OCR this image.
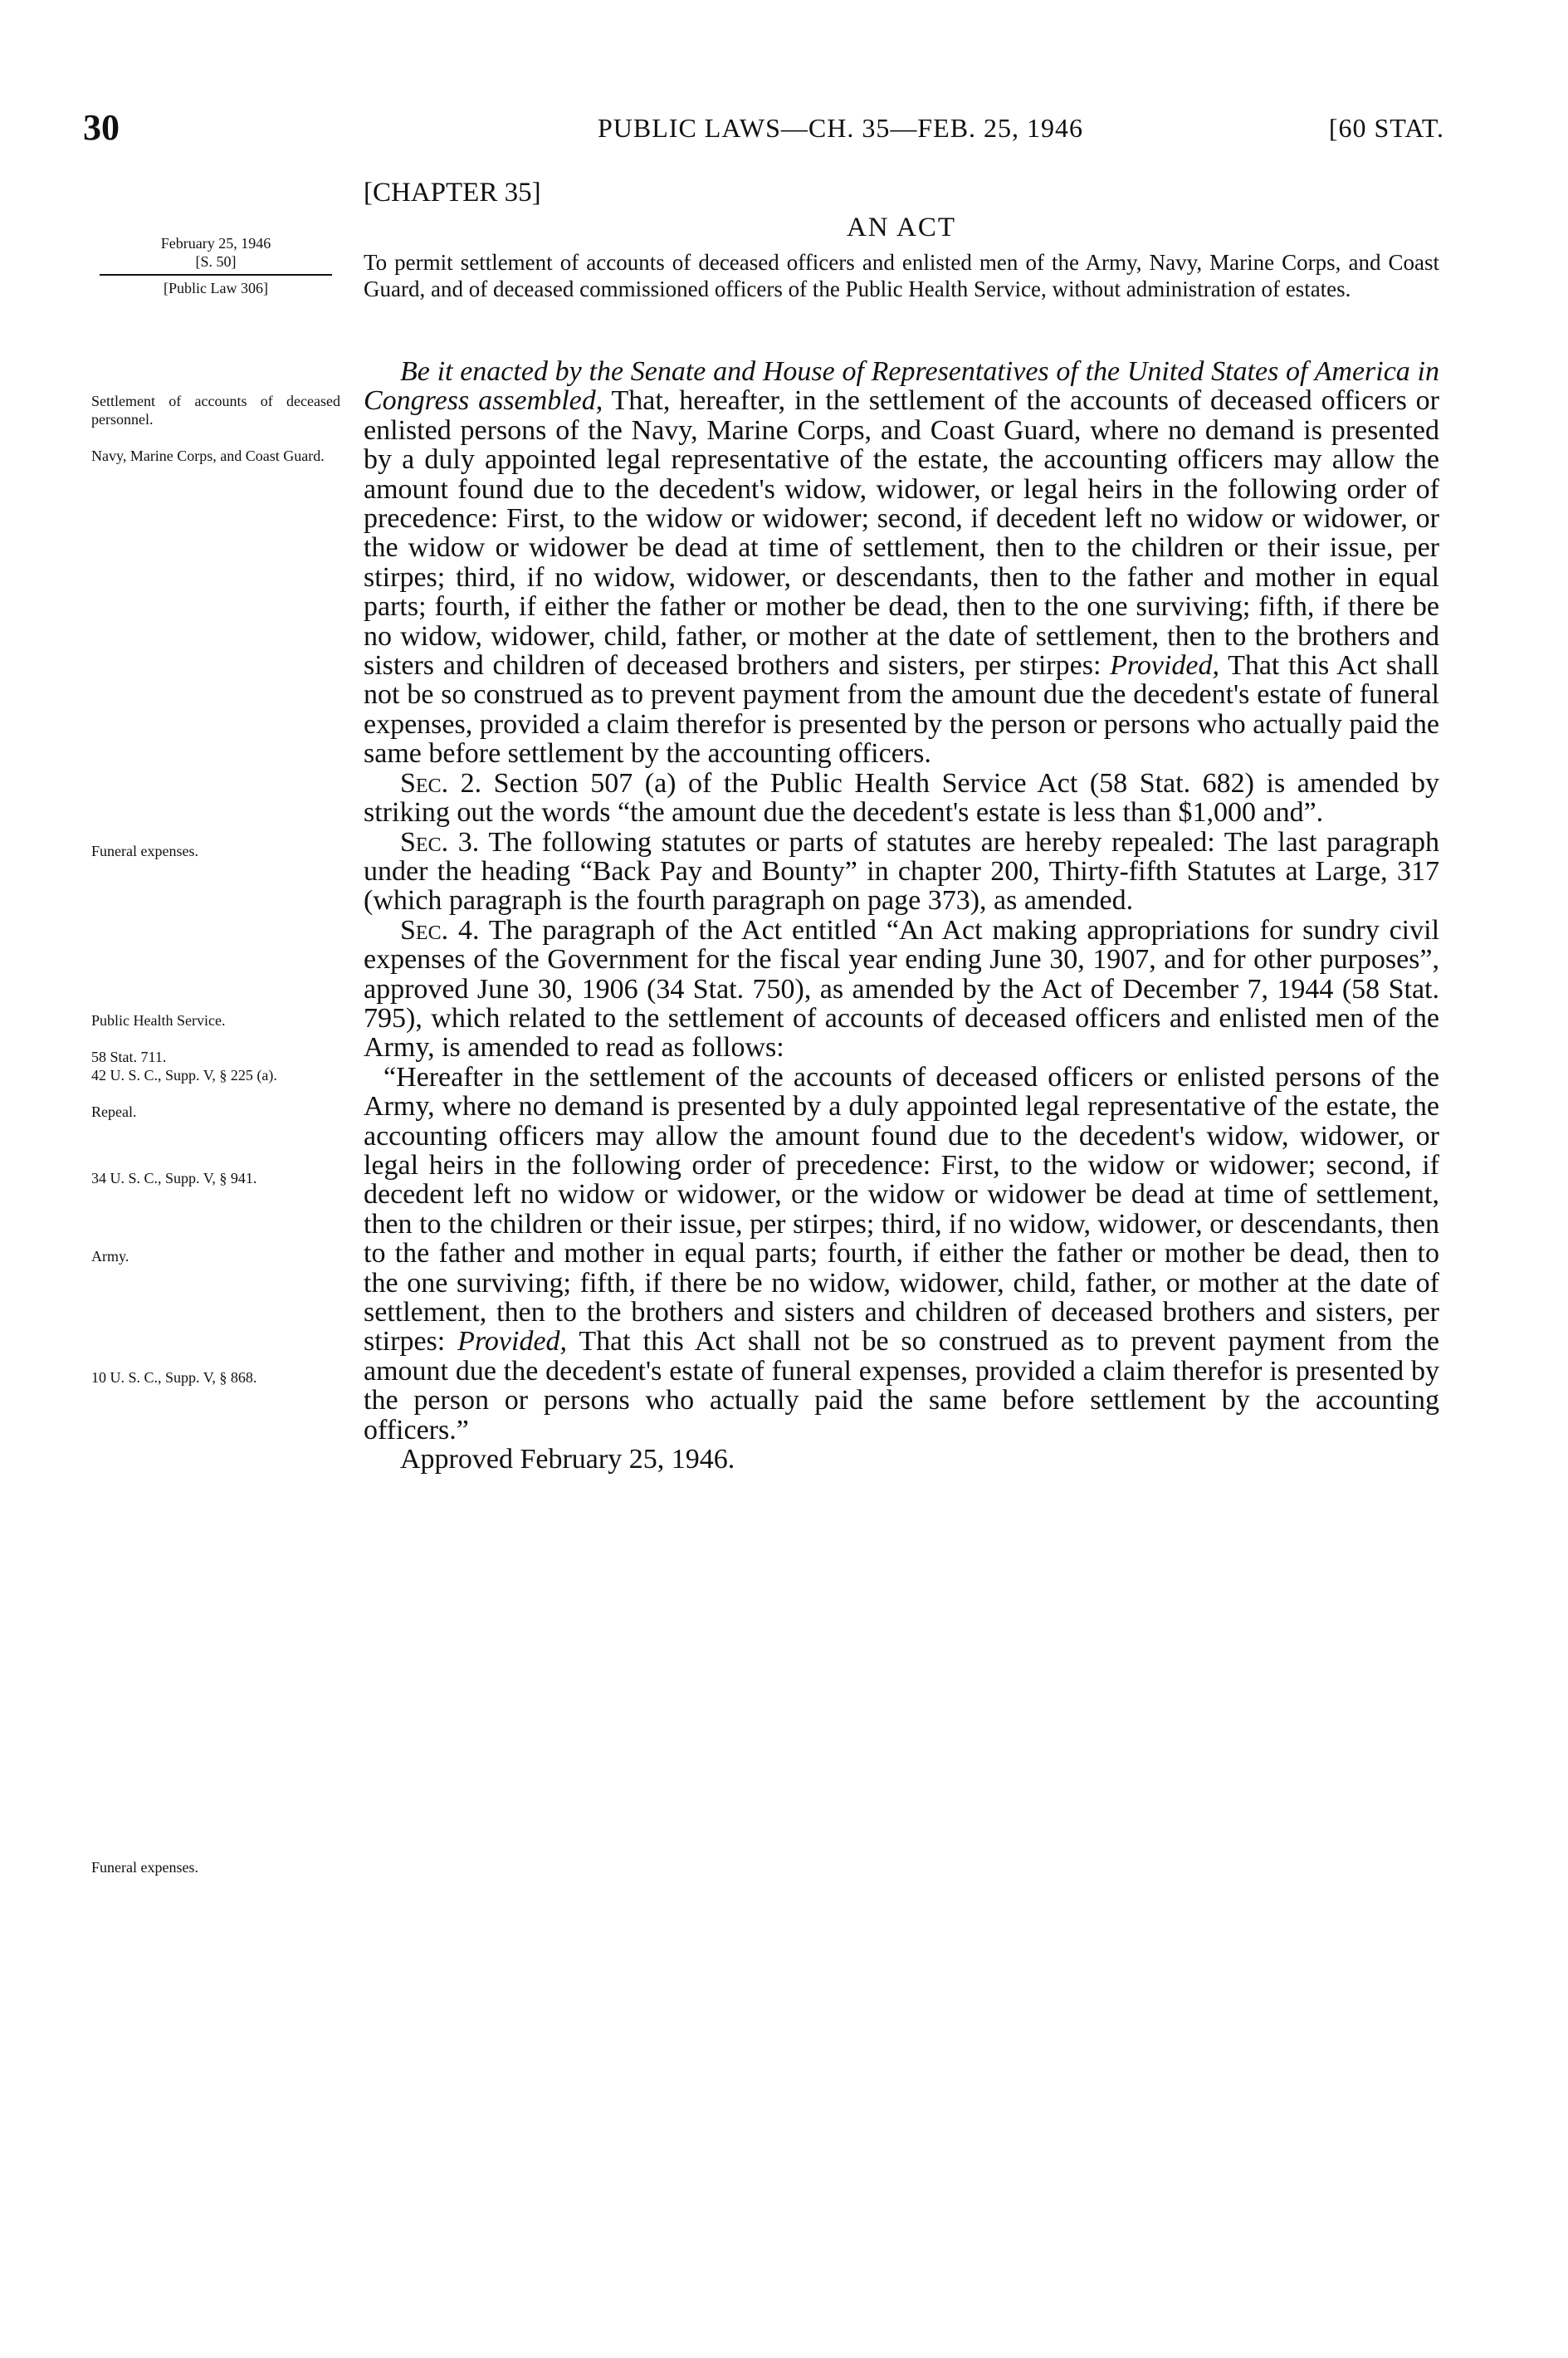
30	PUBLIC LAWS—CH. 35—FEB. 25, 1946	[60 STAT.
February 25, 1946
[S. 50]
[Public Law 306]
Settlement of accounts of deceased personnel.
Navy, Marine Corps, and Coast Guard.
Funeral expenses.
Public Health Service.
58 Stat. 711.
42 U. S. C., Supp. V, § 225 (a).
Repeal.
34 U. S. C., Supp. V, § 941.
Army.
10 U. S. C., Supp. V, § 868.
Funeral expenses.
[CHAPTER 35]
AN ACT
To permit settlement of accounts of deceased officers and enlisted men of the Army, Navy, Marine Corps, and Coast Guard, and of deceased commissioned officers of the Public Health Service, without administration of estates.

Be it enacted by the Senate and House of Representatives of the United States of America in Congress assembled, That, hereafter, in the settlement of the accounts of deceased officers or enlisted persons of the Navy, Marine Corps, and Coast Guard, where no demand is presented by a duly appointed legal representative of the estate, the accounting officers may allow the amount found due to the decedent's widow, widower, or legal heirs in the following order of precedence: First, to the widow or widower; second, if decedent left no widow or widower, or the widow or widower be dead at time of settlement, then to the children or their issue, per stirpes; third, if no widow, widower, or descendants, then to the father and mother in equal parts; fourth, if either the father or mother be dead, then to the one surviving; fifth, if there be no widow, widower, child, father, or mother at the date of settlement, then to the brothers and sisters and children of deceased brothers and sisters, per stirpes: Provided, That this Act shall not be so construed as to prevent payment from the amount due the decedent's estate of funeral expenses, provided a claim therefor is presented by the person or persons who actually paid the same before settlement by the accounting officers.

Sec. 2. Section 507 (a) of the Public Health Service Act (58 Stat. 682) is amended by striking out the words “the amount due the decedent's estate is less than $1,000 and”.

Sec. 3. The following statutes or parts of statutes are hereby repealed: The last paragraph under the heading “Back Pay and Bounty” in chapter 200, Thirty-fifth Statutes at Large, 317 (which paragraph is the fourth paragraph on page 373), as amended.

Sec. 4. The paragraph of the Act entitled “An Act making appropriations for sundry civil expenses of the Government for the fiscal year ending June 30, 1907, and for other purposes”, approved June 30, 1906 (34 Stat. 750), as amended by the Act of December 7, 1944 (58 Stat. 795), which related to the settlement of accounts of deceased officers and enlisted men of the Army, is amended to read as follows:

“Hereafter in the settlement of the accounts of deceased officers or enlisted persons of the Army, where no demand is presented by a duly appointed legal representative of the estate, the accounting officers may allow the amount found due to the decedent's widow, widower, or legal heirs in the following order of precedence: First, to the widow or widower; second, if decedent left no widow or widower, or the widow or widower be dead at time of settlement, then to the children or their issue, per stirpes; third, if no widow, widower, or descendants, then to the father and mother in equal parts; fourth, if either the father or mother be dead, then to the one surviving; fifth, if there be no widow, widower, child, father, or mother at the date of settlement, then to the brothers and sisters and children of deceased brothers and sisters, per stirpes: Provided, That this Act shall not be so construed as to prevent payment from the amount due the decedent's estate of funeral expenses, provided a claim therefor is presented by the person or persons who actually paid the same before settlement by the accounting officers.”

Approved February 25, 1946.
